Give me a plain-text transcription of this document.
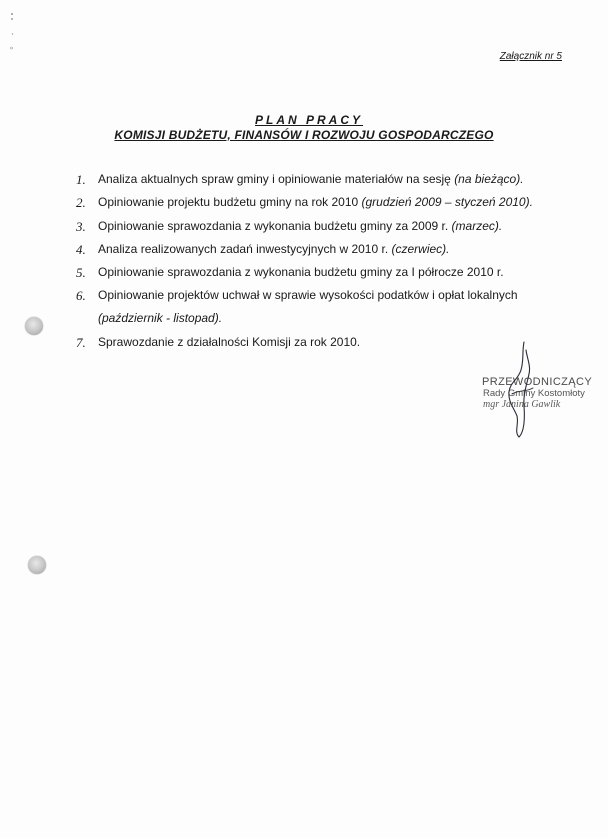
Załącznik nr 5
PLAN PRACY
KOMISJI BUDŻETU, FINANSÓW I ROZWOJU GOSPODARCZEGO
1.	Analiza aktualnych spraw gminy i opiniowanie materiałów na sesję (na bieżąco).
2.	Opiniowanie projektu budżetu gminy na rok 2010 (grudzień 2009 – styczeń 2010).
3.	Opiniowanie sprawozdania z wykonania budżetu gminy za 2009 r. (marzec).
4.	Analiza realizowanych zadań inwestycyjnych w 2010 r. (czerwiec).
5.	Opiniowanie sprawozdania z wykonania budżetu gminy za I półrocze 2010 r.
6.	Opiniowanie projektów uchwał w sprawie wysokości podatków i opłat lokalnych
(październik - listopad).
7.	Sprawozdanie z działalności Komisji za rok 2010.
PRZEWODNICZĄCY
Rady Gminy Kostomłoty
mgr Janina Gawlik
